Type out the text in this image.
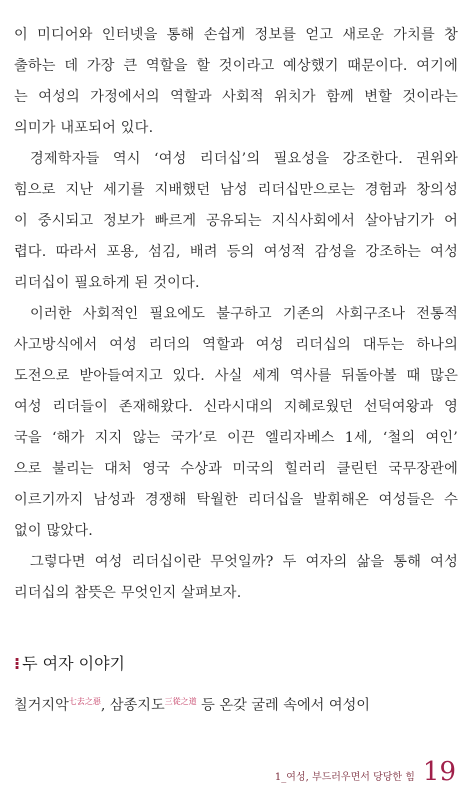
이 미디어와 인터넷을 통해 손쉽게 정보를 얻고 새로운 가치를 창
출하는 데 가장 큰 역할을 할 것이라고 예상했기 때문이다. 여기에
는 여성의 가정에서의 역할과 사회적 위치가 함께 변할 것이라는
의미가 내포되어 있다.
경제학자들 역시 ‘여성 리더십’의 필요성을 강조한다. 권위와
힘으로 지난 세기를 지배했던 남성 리더십만으로는 경험과 창의성
이 중시되고 정보가 빠르게 공유되는 지식사회에서 살아남기가 어
렵다. 따라서 포용, 섬김, 배려 등의 여성적 감성을 강조하는 여성
리더십이 필요하게 된 것이다.
이러한 사회적인 필요에도 불구하고 기존의 사회구조나 전통적
사고방식에서 여성 리더의 역할과 여성 리더십의 대두는 하나의
도전으로 받아들여지고 있다. 사실 세계 역사를 뒤돌아볼 때 많은
여성 리더들이 존재해왔다. 신라시대의 지혜로웠던 선덕여왕과 영
국을 ‘해가 지지 않는 국가’로 이끈 엘리자베스 1세, ‘철의 여인’
으로 불리는 대처 영국 수상과 미국의 힐러리 클린턴 국무장관에
이르기까지 남성과 경쟁해 탁월한 리더십을 발휘해온 여성들은 수
없이 많았다.
그렇다면 여성 리더십이란 무엇일까? 두 여자의 삶을 통해 여성
리더십의 참뜻은 무엇인지 살펴보자.
⁝ 두 여자 이야기
칠거지악$^{七去之惡}$, 삼종지도$^{三從之道}$ 등 온갖 굴레 속에서 여성이
1_여성, 부드러우면서 당당한 힘 19
